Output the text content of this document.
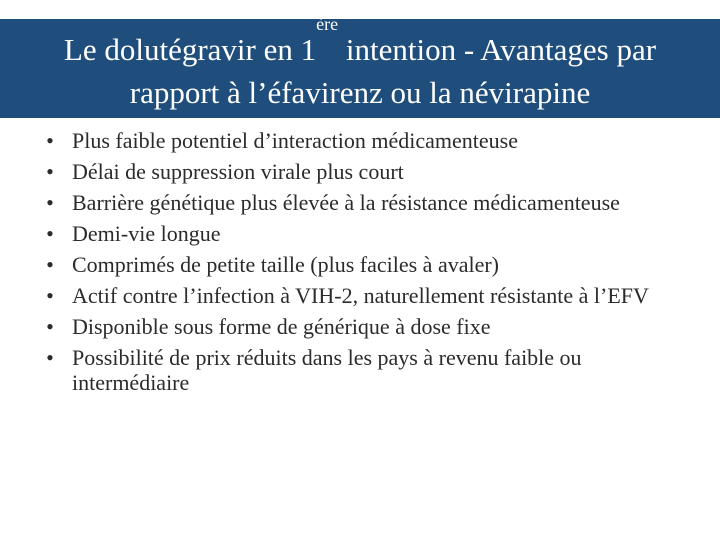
Le dolutégravir en 1ère intention - Avantages par
rapport à l’éfavirenz ou la névirapine
• Plus faible potentiel d’interaction médicamenteuse
• Délai de suppression virale plus court
• Barrière génétique plus élevée à la résistance médicamenteuse
• Demi-vie longue
• Comprimés de petite taille (plus faciles à avaler)
• Actif contre l’infection à VIH-2, naturellement résistante à l’EFV
• Disponible sous forme de générique à dose fixe
• Possibilité de prix réduits dans les pays à revenu faible ou intermédiaire
